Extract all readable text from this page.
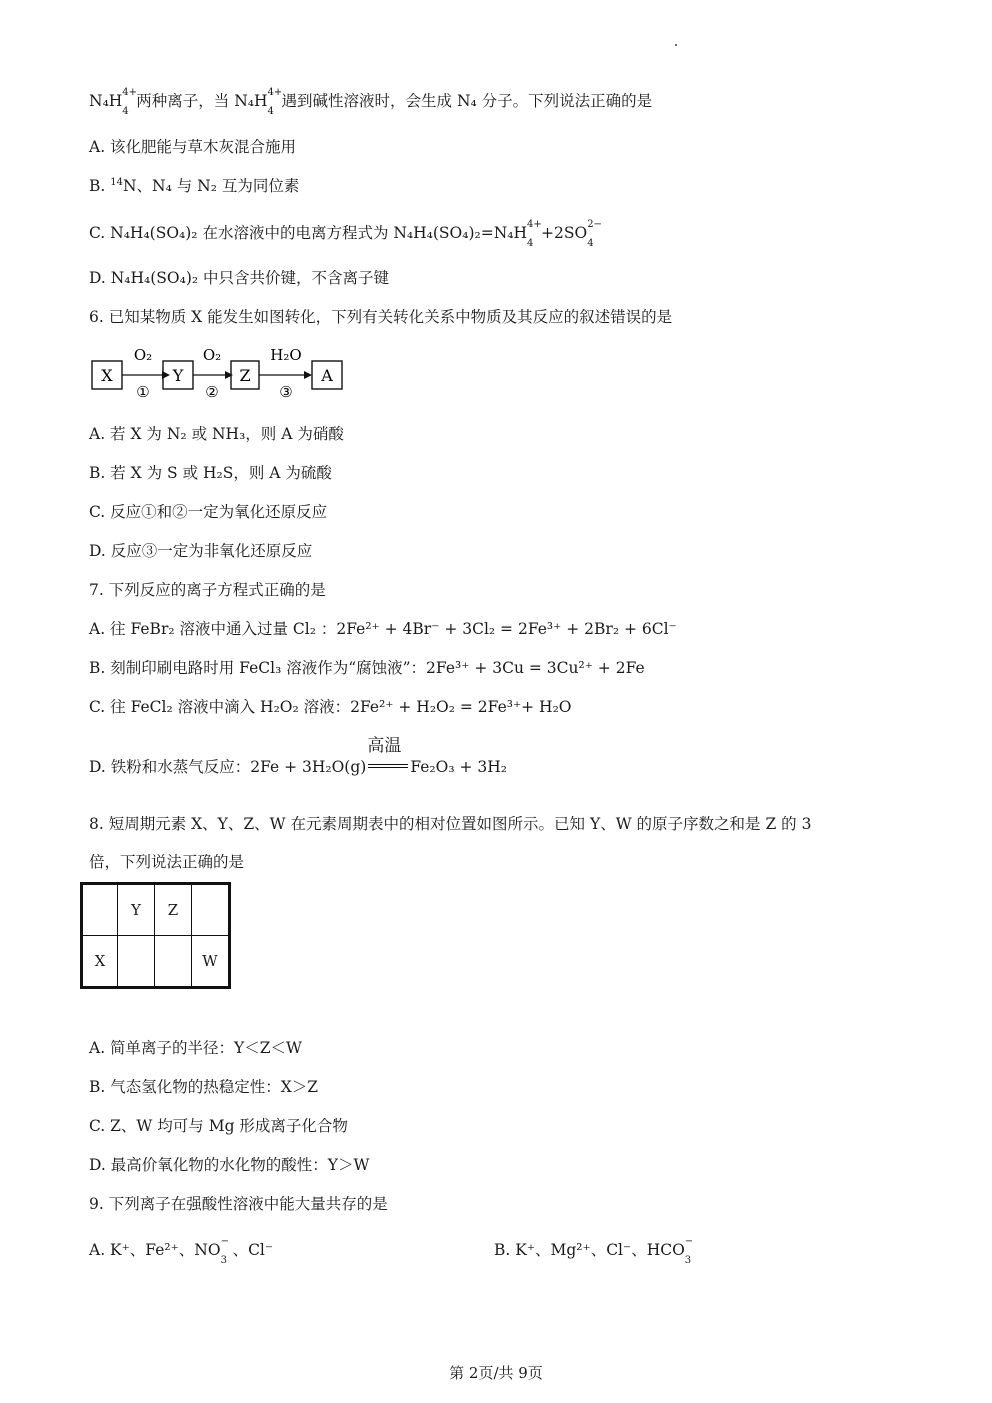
N₄H 4+
4
两种离子，当 N₄H 4+
4
遇到碱性溶液时，会生成 N₄ 分子。下列说法正确的是
A. 该化肥能与草木灰混合施用
B. $^{14}$N、N₄ 与 N₂ 互为同位素
C. N₄H₄(SO₄)₂ 在水溶液中的电离方程式为 N₄H₄(SO₄)₂=N₄H 4+
4
+2SO 2−
4
D. N₄H₄(SO₄)₂ 中只含共价键，不含离子键
6. 已知某物质 X 能发生如图转化，下列有关转化关系中物质及其反应的叙述错误的是
X
O₂
①
Y
O₂
②
Z
H₂O
③
A
A. 若 X 为 N₂ 或 NH₃，则 A 为硝酸
B. 若 X 为 S 或 H₂S，则 A 为硫酸
C. 反应①和②一定为氧化还原反应
D. 反应③一定为非氧化还原反应
7. 下列反应的离子方程式正确的是
A. 往 FeBr₂ 溶液中通入过量 Cl₂ ：2Fe²⁺ + 4Br⁻ + 3Cl₂ = 2Fe³⁺ + 2Br₂ + 6Cl⁻
B. 刻制印刷电路时用 FeCl₃ 溶液作为“腐蚀液”：2Fe³⁺ + 3Cu = 3Cu²⁺ + 2Fe
C. 往 FeCl₂ 溶液中滴入 H₂O₂ 溶液：2Fe²⁺ + H₂O₂ = 2Fe³⁺+ H₂O
D. 铁粉和水蒸气反应：2Fe + 3H₂O(g)
高温
Fe₂O₃ + 3H₂
8. 短周期元素 X、Y、Z、W 在元素周期表中的相对位置如图所示。已知 Y、W 的原子序数之和是 Z 的 3
倍，下列说法正确的是
	Y	Z	
X			W
A. 简单离子的半径：Y＜Z＜W
B. 气态氢化物的热稳定性：X＞Z
C. Z、W 均可与 Mg 形成离子化合物
D. 最高价氧化物的水化物的酸性：Y＞W
9. 下列离子在强酸性溶液中能大量共存的是
A. K⁺、Fe²⁺、NO −
3
、Cl⁻	B. K⁺、Mg²⁺、Cl⁻、HCO −
3
第 2页/共 9页
